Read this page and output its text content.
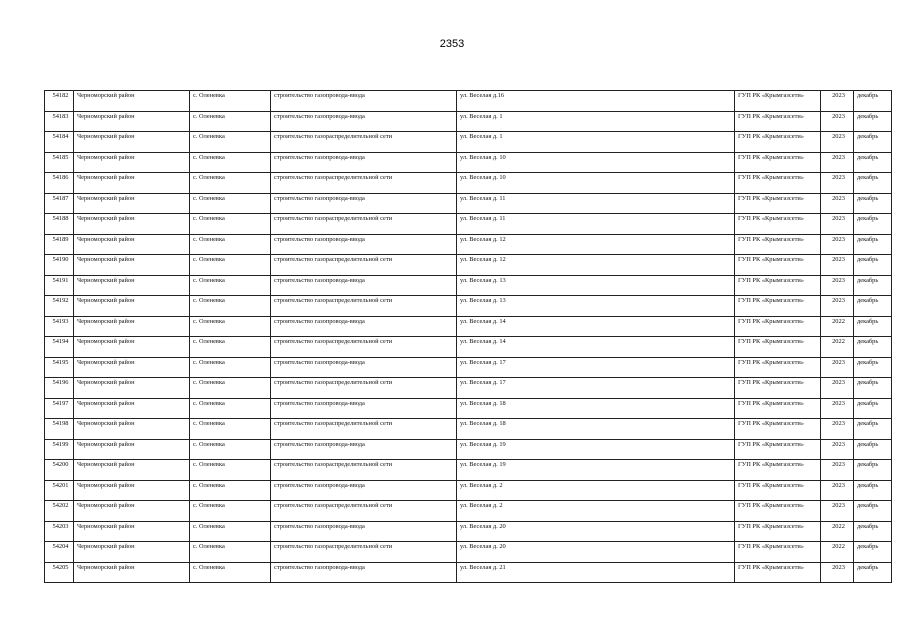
2353
54182	Черноморский район	с. Оленевка	строительство газопровода-ввода	ул. Веселая д.16	ГУП РК «Крымгазсети»	2023	декабрь
54183	Черноморский район	с. Оленевка	строительство газопровода-ввода	ул. Веселая д. 1	ГУП РК «Крымгазсети»	2023	декабрь
54184	Черноморский район	с. Оленевка	строительство газораспределительной сети	ул. Веселая д. 1	ГУП РК «Крымгазсети»	2023	декабрь
54185	Черноморский район	с. Оленевка	строительство газопровода-ввода	ул. Веселая д. 10	ГУП РК «Крымгазсети»	2023	декабрь
54186	Черноморский район	с. Оленевка	строительство газораспределительной сети	ул. Веселая д. 10	ГУП РК «Крымгазсети»	2023	декабрь
54187	Черноморский район	с. Оленевка	строительство газопровода-ввода	ул. Веселая д. 11	ГУП РК «Крымгазсети»	2023	декабрь
54188	Черноморский район	с. Оленевка	строительство газораспределительной сети	ул. Веселая д. 11	ГУП РК «Крымгазсети»	2023	декабрь
54189	Черноморский район	с. Оленевка	строительство газопровода-ввода	ул. Веселая д. 12	ГУП РК «Крымгазсети»	2023	декабрь
54190	Черноморский район	с. Оленевка	строительство газораспределительной сети	ул. Веселая д. 12	ГУП РК «Крымгазсети»	2023	декабрь
54191	Черноморский район	с. Оленевка	строительство газопровода-ввода	ул. Веселая д. 13	ГУП РК «Крымгазсети»	2023	декабрь
54192	Черноморский район	с. Оленевка	строительство газораспределительной сети	ул. Веселая д. 13	ГУП РК «Крымгазсети»	2023	декабрь
54193	Черноморский район	с. Оленевка	строительство газопровода-ввода	ул. Веселая д. 14	ГУП РК «Крымгазсети»	2022	декабрь
54194	Черноморский район	с. Оленевка	строительство газораспределительной сети	ул. Веселая д. 14	ГУП РК «Крымгазсети»	2022	декабрь
54195	Черноморский район	с. Оленевка	строительство газопровода-ввода	ул. Веселая д. 17	ГУП РК «Крымгазсети»	2023	декабрь
54196	Черноморский район	с. Оленевка	строительство газораспределительной сети	ул. Веселая д. 17	ГУП РК «Крымгазсети»	2023	декабрь
54197	Черноморский район	с. Оленевка	строительство газопровода-ввода	ул. Веселая д. 18	ГУП РК «Крымгазсети»	2023	декабрь
54198	Черноморский район	с. Оленевка	строительство газораспределительной сети	ул. Веселая д. 18	ГУП РК «Крымгазсети»	2023	декабрь
54199	Черноморский район	с. Оленевка	строительство газопровода-ввода	ул. Веселая д. 19	ГУП РК «Крымгазсети»	2023	декабрь
54200	Черноморский район	с. Оленевка	строительство газораспределительной сети	ул. Веселая д. 19	ГУП РК «Крымгазсети»	2023	декабрь
54201	Черноморский район	с. Оленевка	строительство газопровода-ввода	ул. Веселая д. 2	ГУП РК «Крымгазсети»	2023	декабрь
54202	Черноморский район	с. Оленевка	строительство газораспределительной сети	ул. Веселая д. 2	ГУП РК «Крымгазсети»	2023	декабрь
54203	Черноморский район	с. Оленевка	строительство газопровода-ввода	ул. Веселая д. 20	ГУП РК «Крымгазсети»	2022	декабрь
54204	Черноморский район	с. Оленевка	строительство газораспределительной сети	ул. Веселая д. 20	ГУП РК «Крымгазсети»	2022	декабрь
54205	Черноморский район	с. Оленевка	строительство газопровода-ввода	ул. Веселая д. 21	ГУП РК «Крымгазсети»	2023	декабрь
